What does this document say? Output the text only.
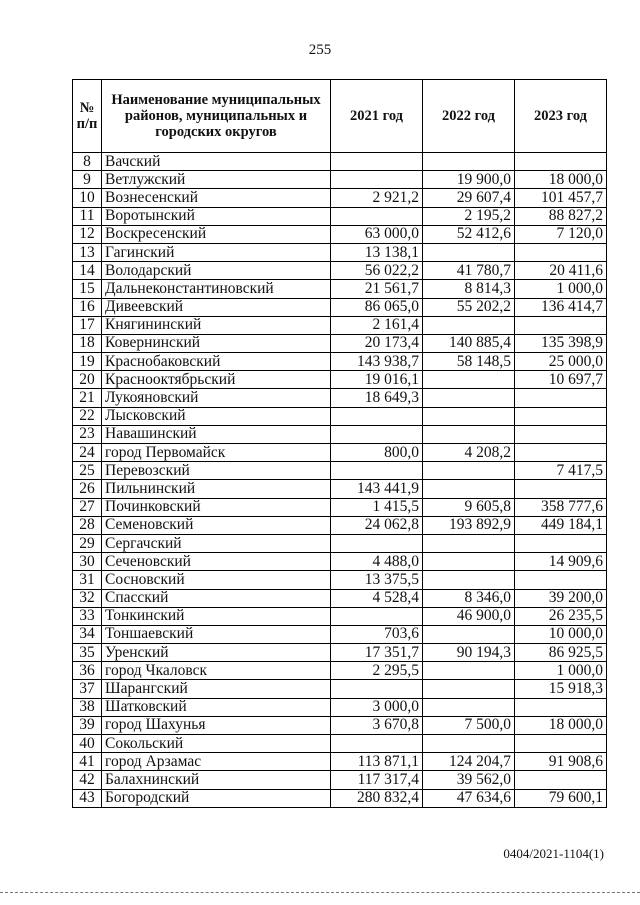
255
№ п/п	Наименование муниципальных районов, муниципальных и городских округов	2021 год	2022 год	2023 год
8	Вачский			
9	Ветлужский		19 900,0	18 000,0
10	Вознесенский	2 921,2	29 607,4	101 457,7
11	Воротынский		2 195,2	88 827,2
12	Воскресенский	63 000,0	52 412,6	7 120,0
13	Гагинский	13 138,1		
14	Володарский	56 022,2	41 780,7	20 411,6
15	Дальнеконстантиновский	21 561,7	8 814,3	1 000,0
16	Дивеевский	86 065,0	55 202,2	136 414,7
17	Княгининский	2 161,4		
18	Ковернинский	20 173,4	140 885,4	135 398,9
19	Краснобаковский	143 938,7	58 148,5	25 000,0
20	Краснооктябрьский	19 016,1		10 697,7
21	Лукояновский	18 649,3		
22	Лысковский			
23	Навашинский			
24	город Первомайск	800,0	4 208,2	
25	Перевозский			7 417,5
26	Пильнинский	143 441,9		
27	Починковский	1 415,5	9 605,8	358 777,6
28	Семеновский	24 062,8	193 892,9	449 184,1
29	Сергачский			
30	Сеченовский	4 488,0		14 909,6
31	Сосновский	13 375,5		
32	Спасский	4 528,4	8 346,0	39 200,0
33	Тонкинский		46 900,0	26 235,5
34	Тоншаевский	703,6		10 000,0
35	Уренский	17 351,7	90 194,3	86 925,5
36	город Чкаловск	2 295,5		1 000,0
37	Шарангский			15 918,3
38	Шатковский	3 000,0		
39	город Шахунья	3 670,8	7 500,0	18 000,0
40	Сокольский			
41	город Арзамас	113 871,1	124 204,7	91 908,6
42	Балахнинский	117 317,4	39 562,0	
43	Богородский	280 832,4	47 634,6	79 600,1
0404/2021-1104(1)
